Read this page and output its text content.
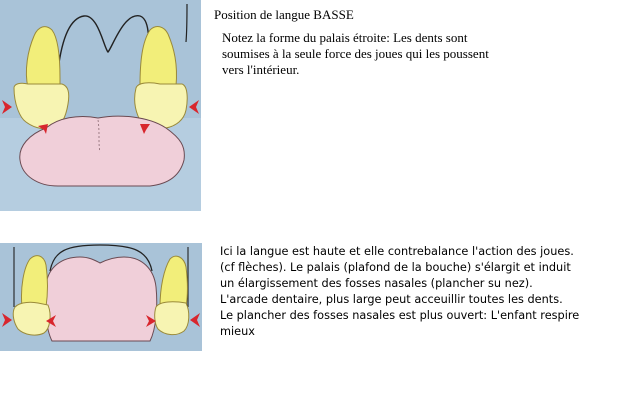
Position de langue BASSE
Notez la forme du palais étroite: Les dents sont
soumises à la seule force des joues qui les poussent
vers l'intérieur.
Ici la langue est haute et elle contrebalance l'action des joues.
(cf flèches). Le palais (plafond de la bouche) s'élargit et induit
un élargissement des fosses nasales (plancher su nez).
L'arcade dentaire, plus large peut acceuillir toutes les dents.
Le plancher des fosses nasales est plus ouvert: L'enfant respire
mieux
